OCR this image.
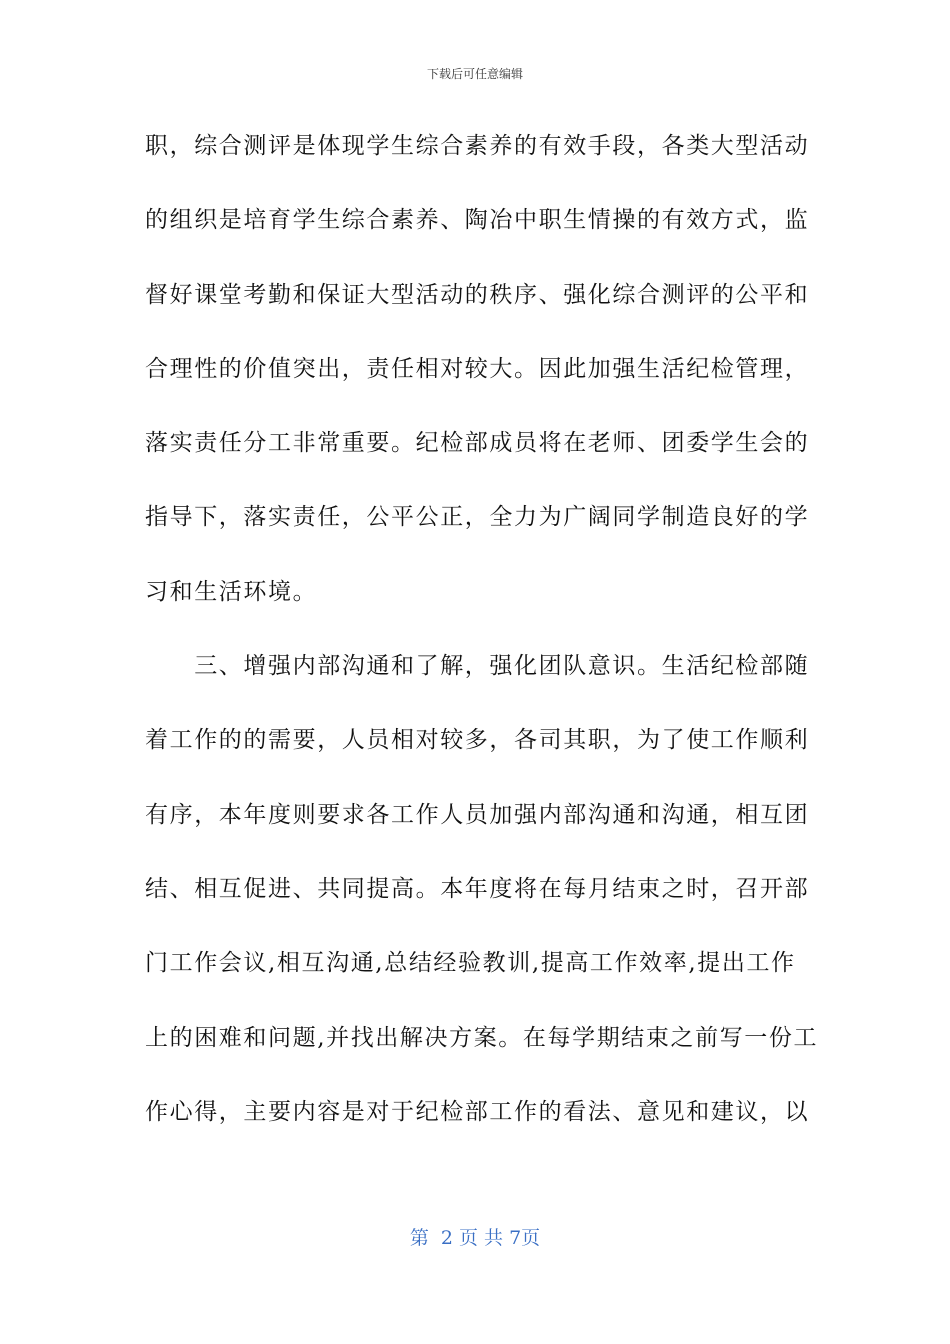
下载后可任意编辑
职，综合测评是体现学生综合素养的有效手段，各类大型活动
的组织是培育学生综合素养、陶冶中职生情操的有效方式，监
督好课堂考勤和保证大型活动的秩序、强化综合测评的公平和
合理性的价值突出，责任相对较大。因此加强生活纪检管理，
落实责任分工非常重要。纪检部成员将在老师、团委学生会的
指导下，落实责任，公平公正，全力为广阔同学制造良好的学
习和生活环境。
　　三、增强内部沟通和了解，强化团队意识。生活纪检部随
着工作的的需要，人员相对较多，各司其职，为了使工作顺利
有序，本年度则要求各工作人员加强内部沟通和沟通，相互团
结、相互促进、共同提高。本年度将在每月结束之时，召开部
门工作会议,相互沟通,总结经验教训,提高工作效率,提出工作
上的困难和问题,并找出解决方案。在每学期结束之前写一份工
作心得，主要内容是对于纪检部工作的看法、意见和建议，以
第  2 页 共 7页
